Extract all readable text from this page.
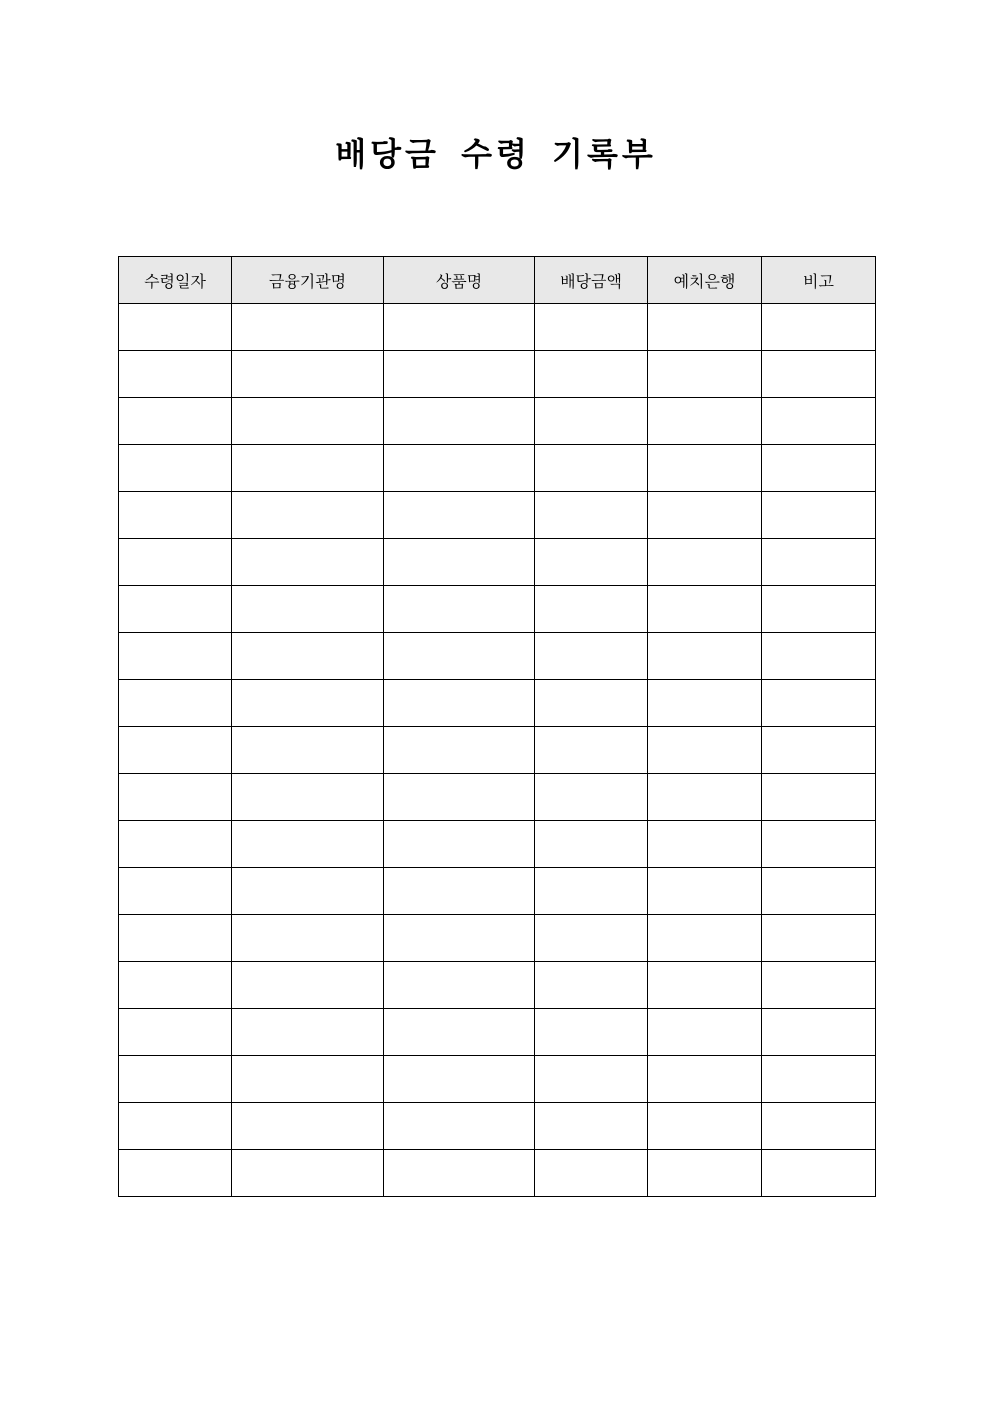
배당금 수령 기록부
수령일자	금융기관명	상품명	배당금액	예치은행	비고
